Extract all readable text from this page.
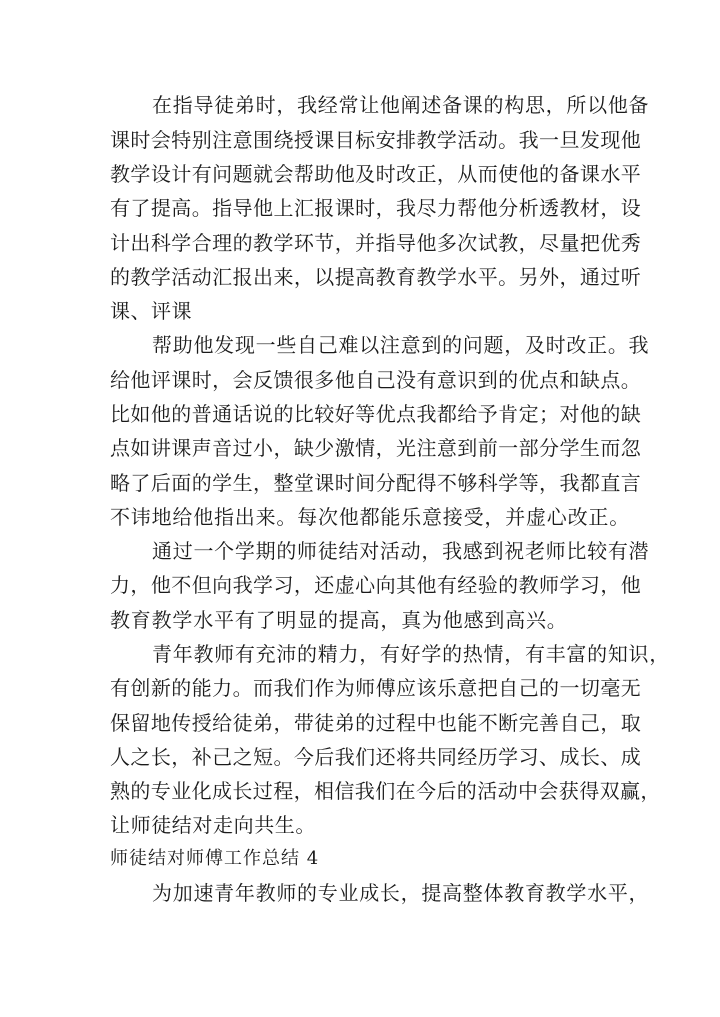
在指导徒弟时，我经常让他阐述备课的构思，所以他备
课时会特别注意围绕授课目标安排教学活动。我一旦发现他
教学设计有问题就会帮助他及时改正，从而使他的备课水平
有了提高。指导他上汇报课时，我尽力帮他分析透教材，设
计出科学合理的教学环节，并指导他多次试教，尽量把优秀
的教学活动汇报出来，以提高教育教学水平。另外，通过听
课、评课
帮助他发现一些自己难以注意到的问题，及时改正。我
给他评课时，会反馈很多他自己没有意识到的优点和缺点。
比如他的普通话说的比较好等优点我都给予肯定；对他的缺
点如讲课声音过小，缺少激情，光注意到前一部分学生而忽
略了后面的学生，整堂课时间分配得不够科学等，我都直言
不讳地给他指出来。每次他都能乐意接受，并虚心改正。
通过一个学期的师徒结对活动，我感到祝老师比较有潜
力，他不但向我学习，还虚心向其他有经验的教师学习，他
教育教学水平有了明显的提高，真为他感到高兴。
青年教师有充沛的精力，有好学的热情，有丰富的知识，
有创新的能力。而我们作为师傅应该乐意把自己的一切毫无
保留地传授给徒弟，带徒弟的过程中也能不断完善自己，取
人之长，补己之短。今后我们还将共同经历学习、成长、成
熟的专业化成长过程，相信我们在今后的活动中会获得双赢，
让师徒结对走向共生。
师徒结对师傅工作总结 4
为加速青年教师的专业成长，提高整体教育教学水平，
